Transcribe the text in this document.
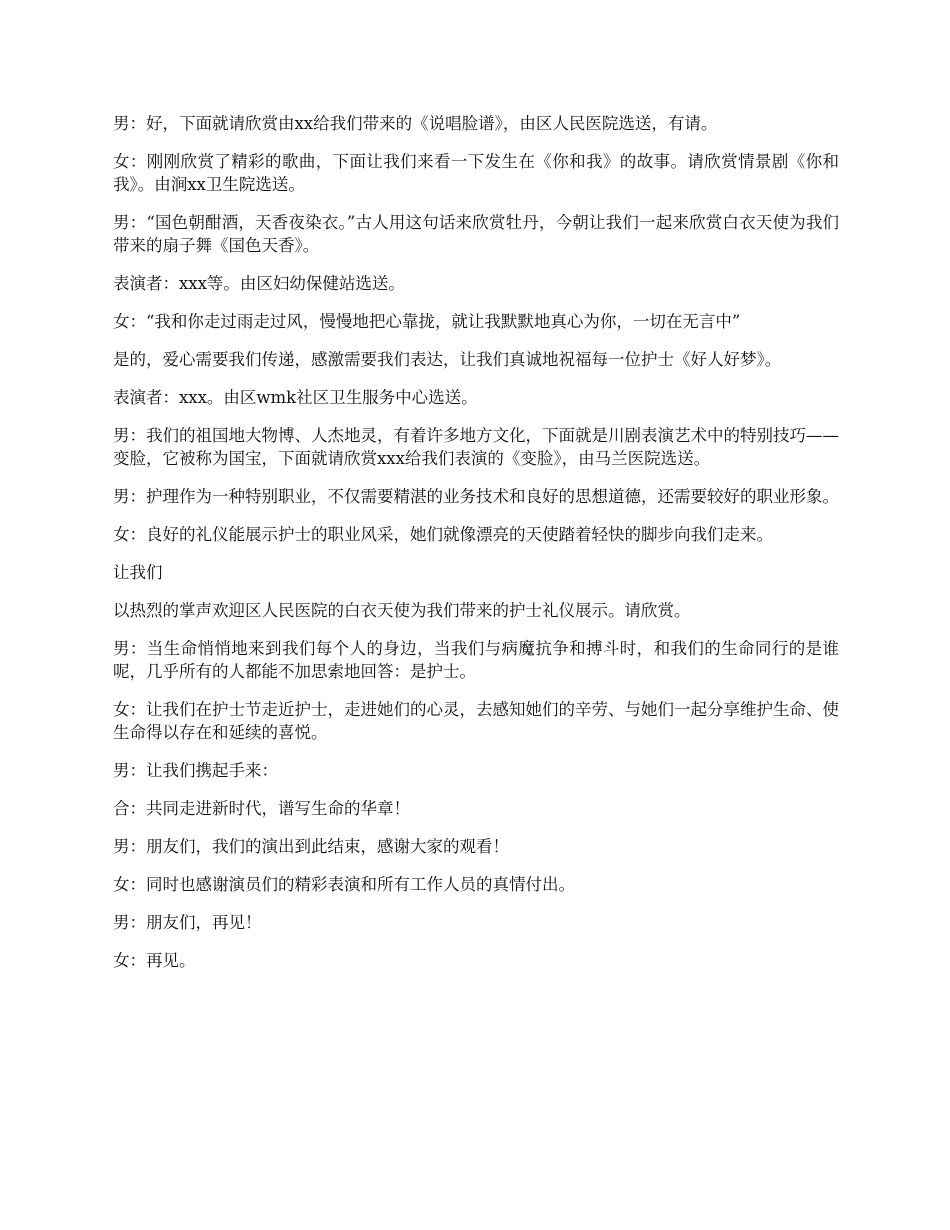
男：好，下面就请欣赏由xx给我们带来的《说唱脸谱》，由区人民医院选送，有请。

女：刚刚欣赏了精彩的歌曲，下面让我们来看一下发生在《你和我》的故事。请欣赏情景剧《你和我》。由涧xx卫生院选送。

男：“国色朝酣酒，天香夜染衣。”古人用这句话来欣赏牡丹，今朝让我们一起来欣赏白衣天使为我们带来的扇子舞《国色天香》。

表演者：xxx等。由区妇幼保健站选送。

女：“我和你走过雨走过风，慢慢地把心靠拢，就让我默默地真心为你，一切在无言中”

是的，爱心需要我们传递，感激需要我们表达，让我们真诚地祝福每一位护士《好人好梦》。

表演者：xxx。由区wmk社区卫生服务中心选送。

男：我们的祖国地大物博、人杰地灵，有着许多地方文化，下面就是川剧表演艺术中的特别技巧——变脸，它被称为国宝，下面就请欣赏xxx给我们表演的《变脸》，由马兰医院选送。

男：护理作为一种特别职业，不仅需要精湛的业务技术和良好的思想道德，还需要较好的职业形象。

女：良好的礼仪能展示护士的职业风采，她们就像漂亮的天使踏着轻快的脚步向我们走来。

让我们

以热烈的掌声欢迎区人民医院的白衣天使为我们带来的护士礼仪展示。请欣赏。

男：当生命悄悄地来到我们每个人的身边，当我们与病魔抗争和搏斗时，和我们的生命同行的是谁呢，几乎所有的人都能不加思索地回答：是护士。

女：让我们在护士节走近护士，走进她们的心灵，去感知她们的辛劳、与她们一起分享维护生命、使生命得以存在和延续的喜悦。

男：让我们携起手来：

合：共同走进新时代，谱写生命的华章！

男：朋友们，我们的演出到此结束，感谢大家的观看！

女：同时也感谢演员们的精彩表演和所有工作人员的真情付出。

男：朋友们，再见！

女：再见。
